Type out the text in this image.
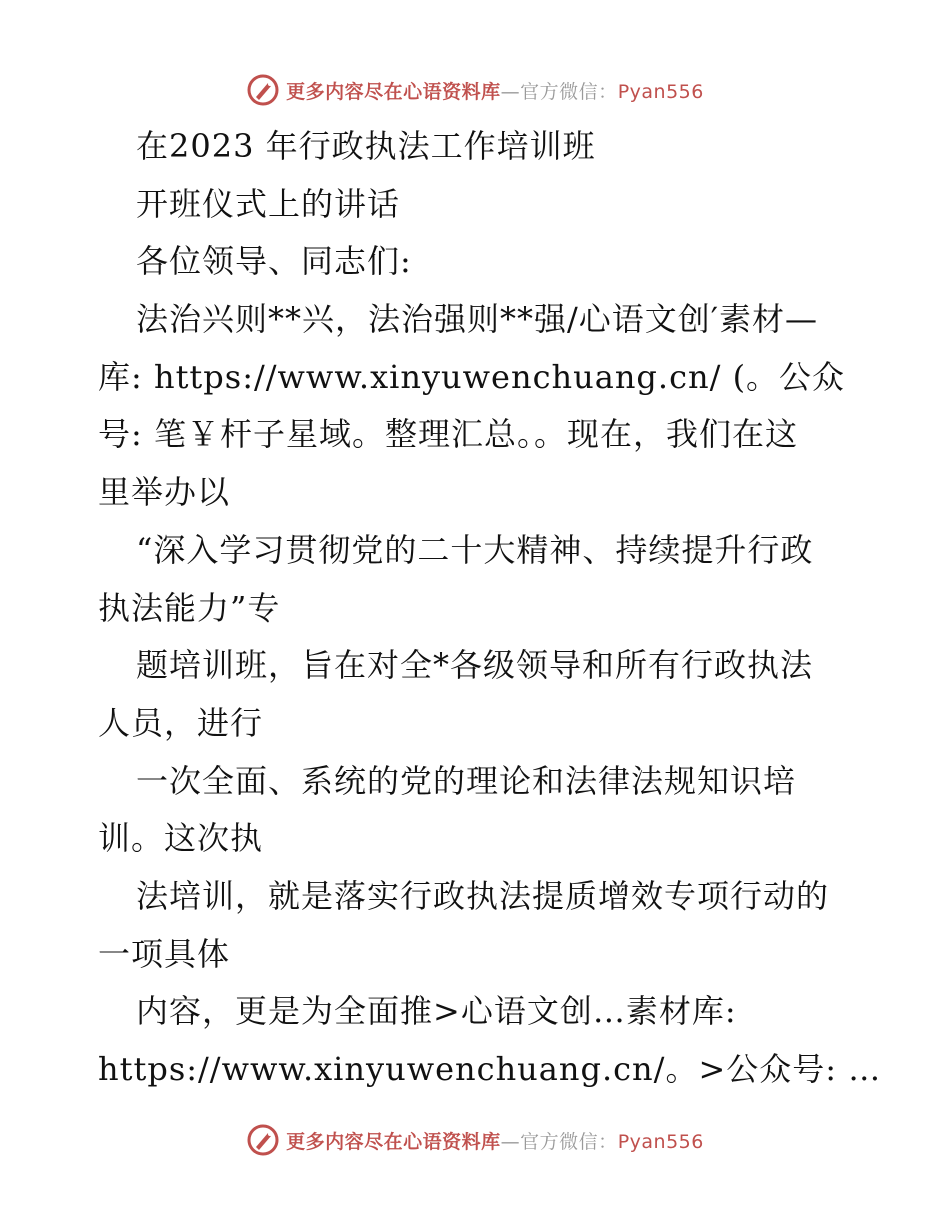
更多内容尽在心语资料库—官方微信：Pyan556
在2023 年行政执法工作培训班
开班仪式上的讲话
各位领导、同志们:
法治兴则**兴，法治强则**强/心语文创′素材—
库: https://www.xinyuwenchuang.cn/ (。公众
号: 笔￥杆子星域。整理汇总。。现在，我们在这
里举办以
“深入学习贯彻党的二十大精神、持续提升行政
执法能力”专
题培训班，旨在对全*各级领导和所有行政执法
人员，进行
一次全面、系统的党的理论和法律法规知识培
训。这次执
法培训，就是落实行政执法提质增效专项行动的
一项具体
内容，更是为全面推>心语文创…素材库:
https://www.xinyuwenchuang.cn/。>公众号: …
更多内容尽在心语资料库—官方微信：Pyan556
